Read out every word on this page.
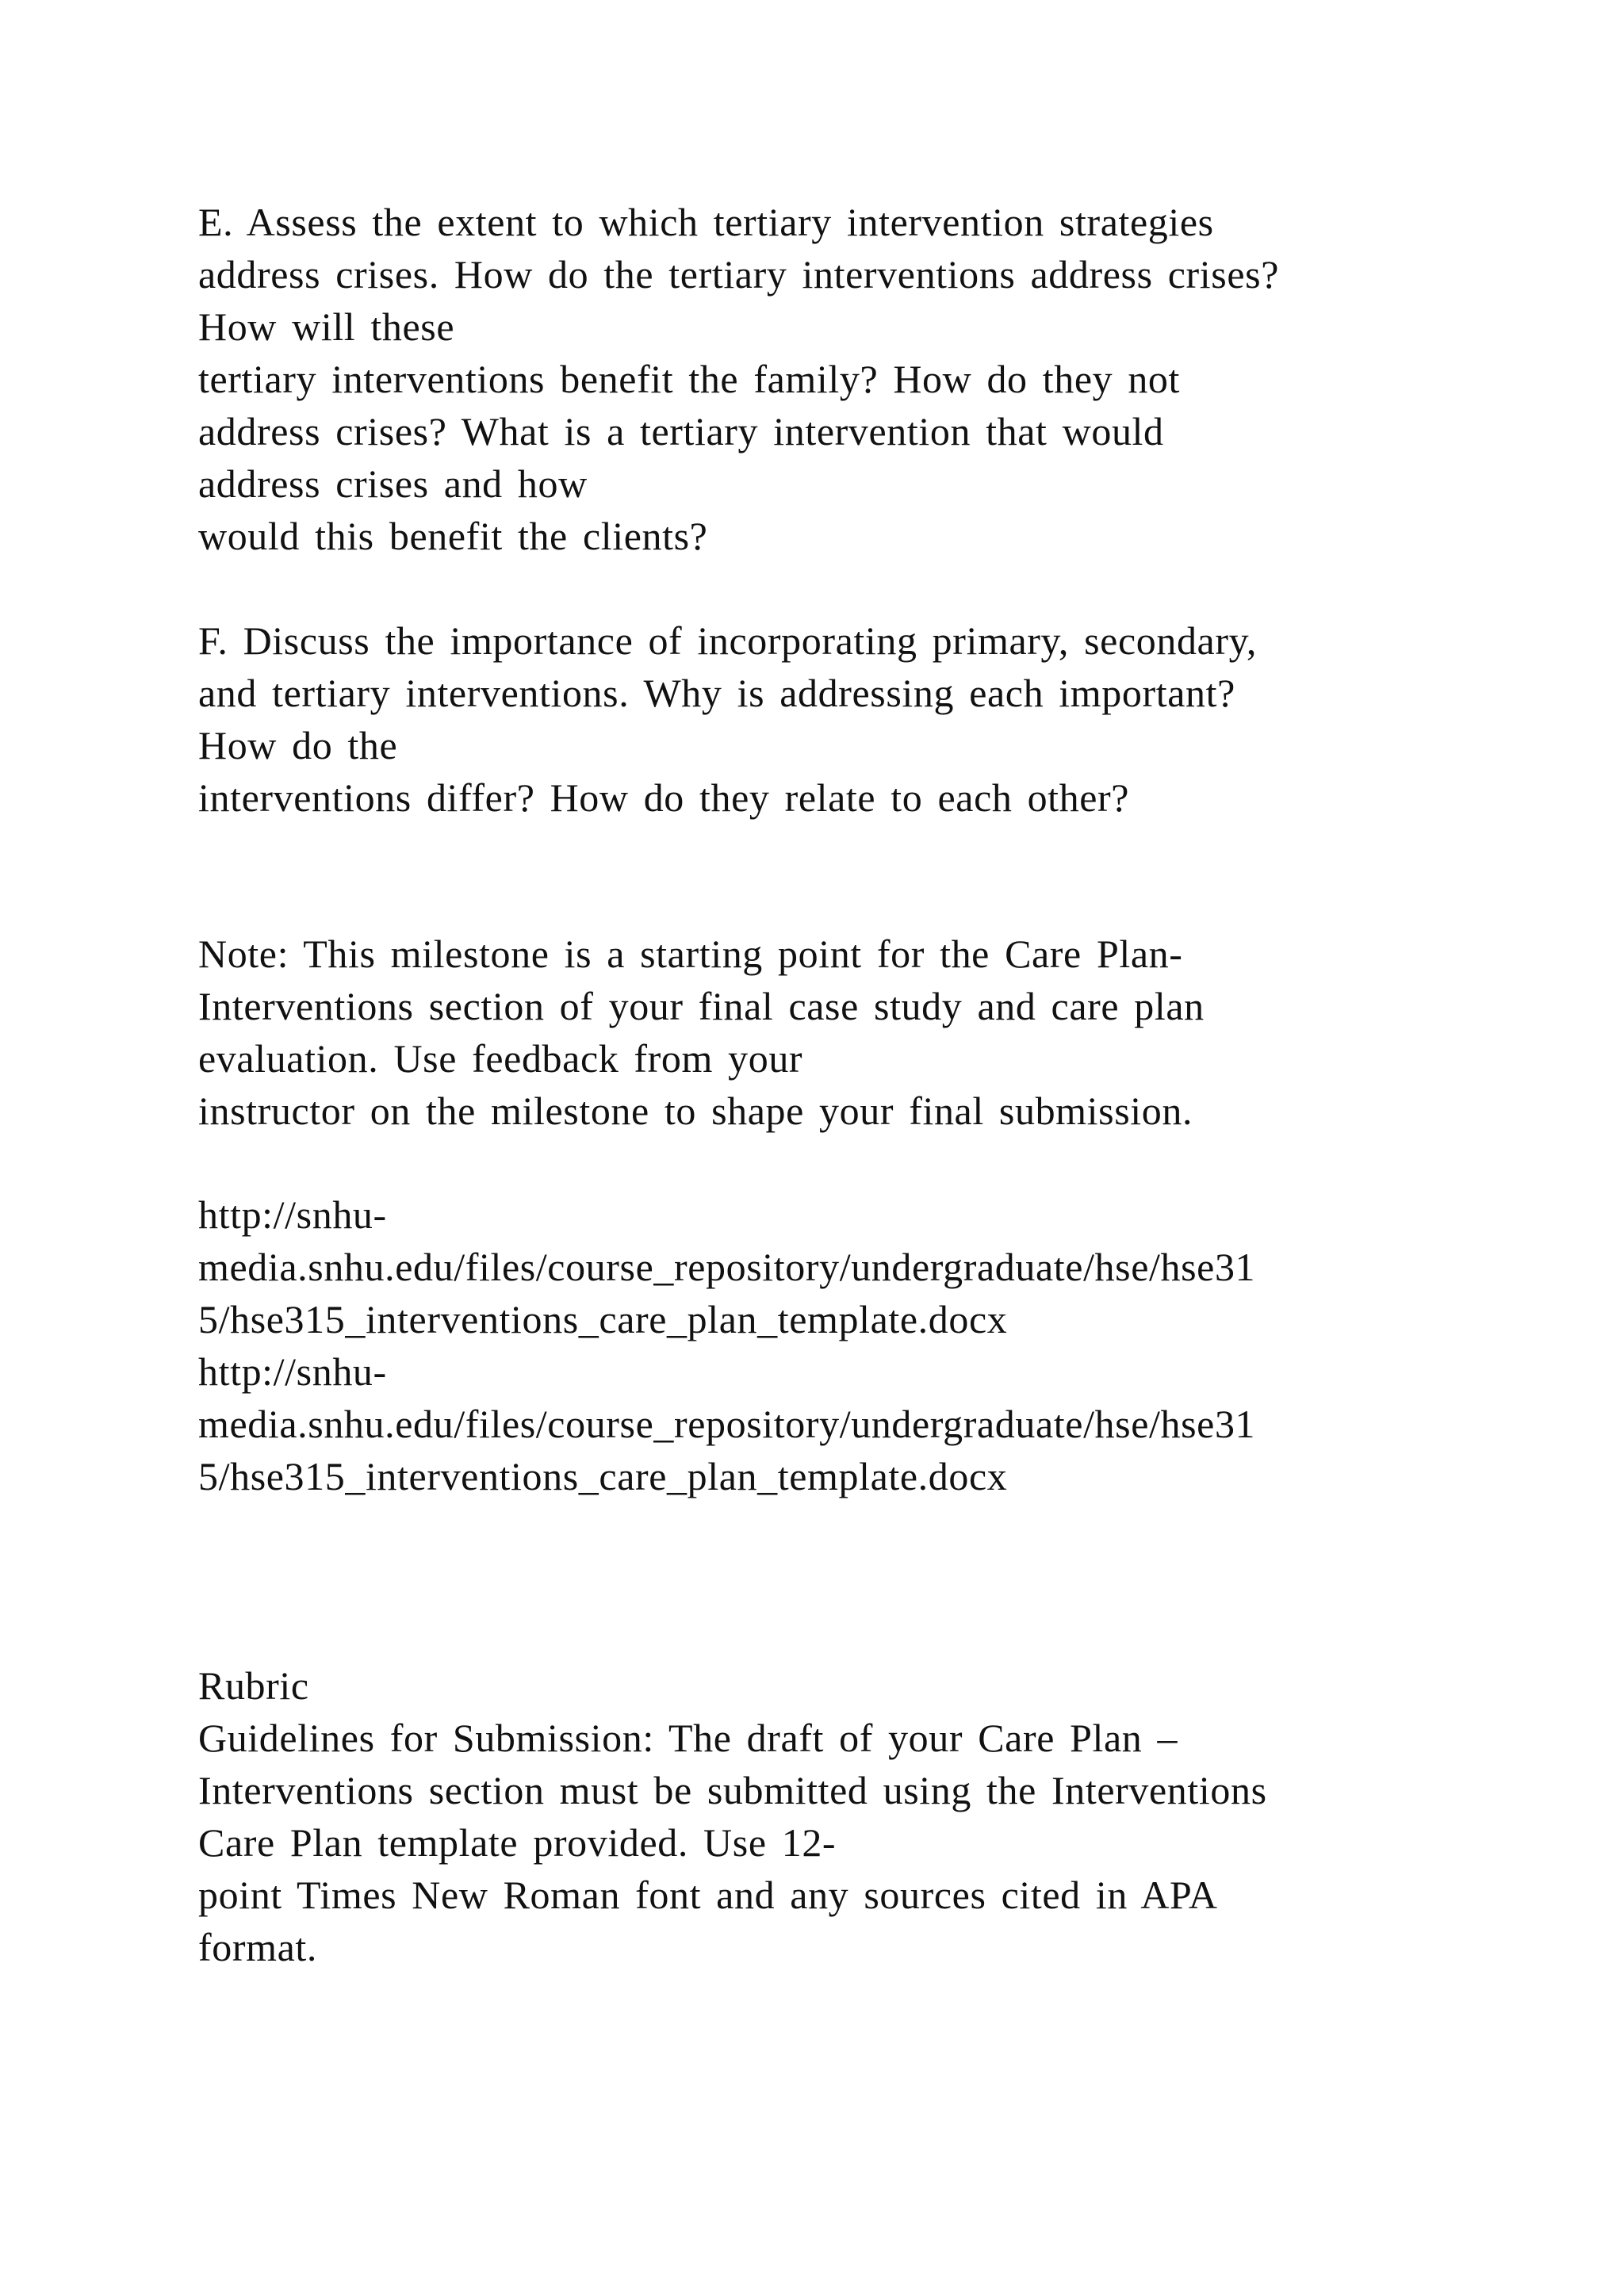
E. Assess the extent to which tertiary intervention strategies

address crises. How do the tertiary interventions address crises?

How will these

tertiary interventions benefit the family? How do they not

address crises? What is a tertiary intervention that would

address crises and how

would this benefit the clients?

F. Discuss the importance of incorporating primary, secondary,

and tertiary interventions. Why is addressing each important?

How do the

interventions differ? How do they relate to each other?

Note: This milestone is a starting point for the Care Plan-

Interventions section of your final case study and care plan

evaluation. Use feedback from your

instructor on the milestone to shape your final submission.

http://snhu-

media.snhu.edu/files/course_repository/undergraduate/hse/hse31

5/hse315_interventions_care_plan_template.docx

http://snhu-

media.snhu.edu/files/course_repository/undergraduate/hse/hse31

5/hse315_interventions_care_plan_template.docx

Rubric

Guidelines for Submission: The draft of your Care Plan –

Interventions section must be submitted using the Interventions

Care Plan template provided. Use 12-

point Times New Roman font and any sources cited in APA

format.
